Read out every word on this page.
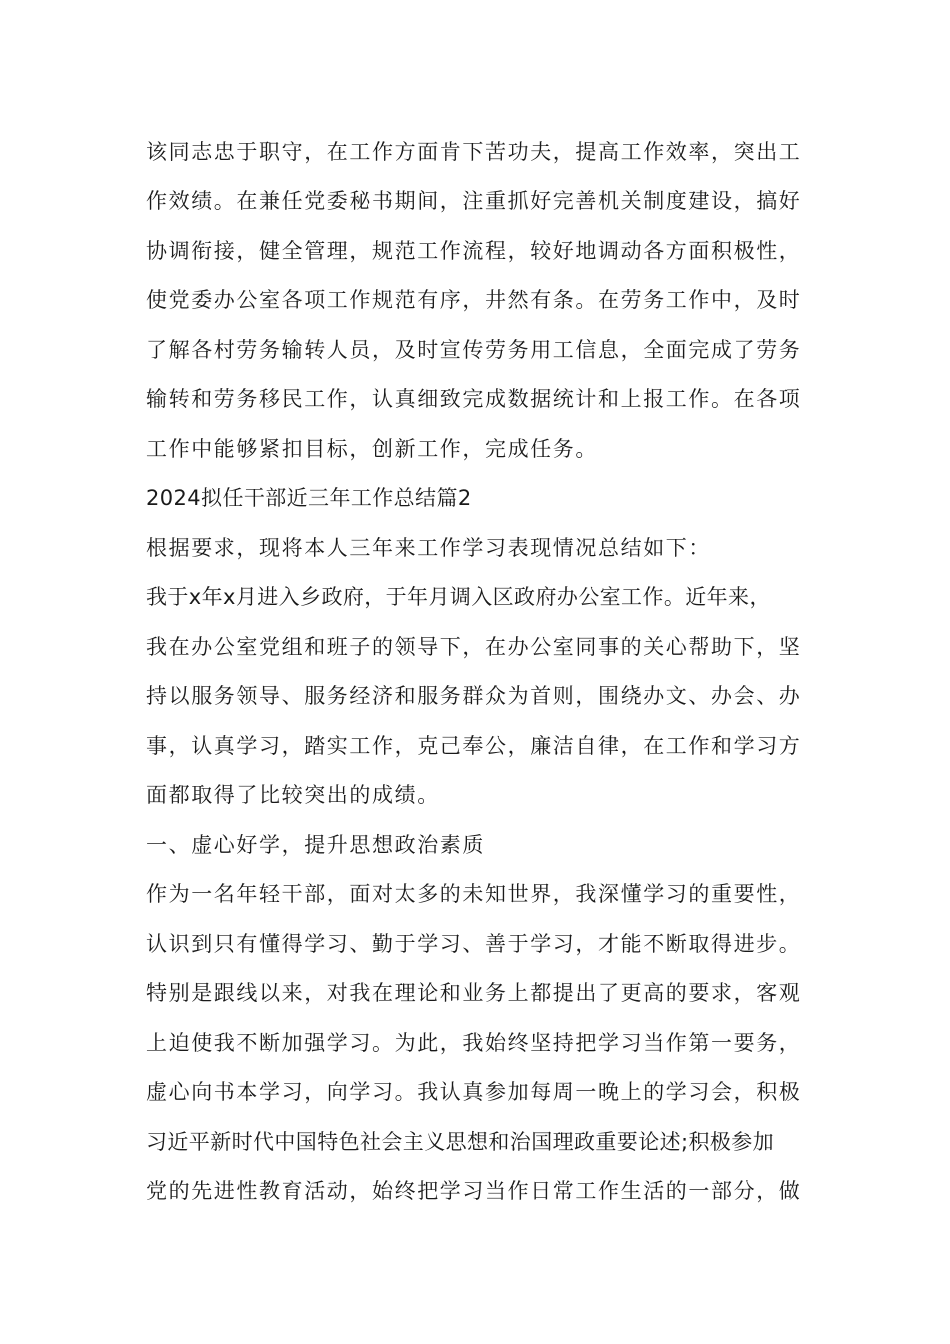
该同志忠于职守，在工作方面肯下苦功夫，提高工作效率，突出工
作效绩。在兼任党委秘书期间，注重抓好完善机关制度建设，搞好
协调衔接，健全管理，规范工作流程，较好地调动各方面积极性，
使党委办公室各项工作规范有序，井然有条。在劳务工作中，及时
了解各村劳务输转人员，及时宣传劳务用工信息，全面完成了劳务
输转和劳务移民工作，认真细致完成数据统计和上报工作。在各项
工作中能够紧扣目标，创新工作，完成任务。
2024拟任干部近三年工作总结篇2
根据要求，现将本人三年来工作学习表现情况总结如下：
我于x年x月进入乡政府，于年月调入区政府办公室工作。近年来，
我在办公室党组和班子的领导下，在办公室同事的关心帮助下，坚
持以服务领导、服务经济和服务群众为首则，围绕办文、办会、办
事，认真学习，踏实工作，克己奉公，廉洁自律，在工作和学习方
面都取得了比较突出的成绩。
一、虚心好学，提升思想政治素质
作为一名年轻干部，面对太多的未知世界，我深懂学习的重要性，
认识到只有懂得学习、勤于学习、善于学习，才能不断取得进步。
特别是跟线以来，对我在理论和业务上都提出了更高的要求，客观
上迫使我不断加强学习。为此，我始终坚持把学习当作第一要务，
虚心向书本学习，向学习。我认真参加每周一晚上的学习会，积极
习近平新时代中国特色社会主义思想和治国理政重要论述;积极参加
党的先进性教育活动，始终把学习当作日常工作生活的一部分，做
